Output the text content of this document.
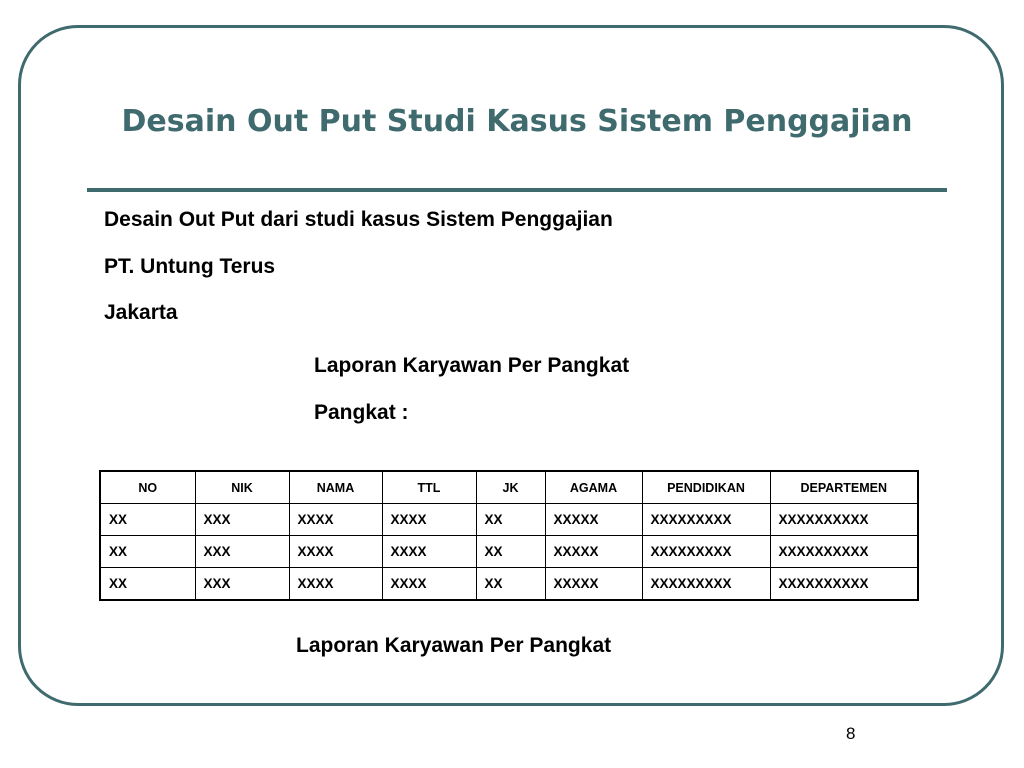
Desain Out Put Studi Kasus Sistem Penggajian

Desain Out Put dari studi kasus Sistem Penggajian

PT. Untung Terus

Jakarta

Laporan Karyawan Per Pangkat

Pangkat :

NO	NIK	NAMA	TTL	JK	AGAMA	PENDIDIKAN	DEPARTEMEN
XX	XXX	XXXX	XXXX	XX	XXXXX	XXXXXXXXX	XXXXXXXXXX
XX	XXX	XXXX	XXXX	XX	XXXXX	XXXXXXXXX	XXXXXXXXXX
XX	XXX	XXXX	XXXX	XX	XXXXX	XXXXXXXXX	XXXXXXXXXX

Laporan Karyawan Per Pangkat

8
